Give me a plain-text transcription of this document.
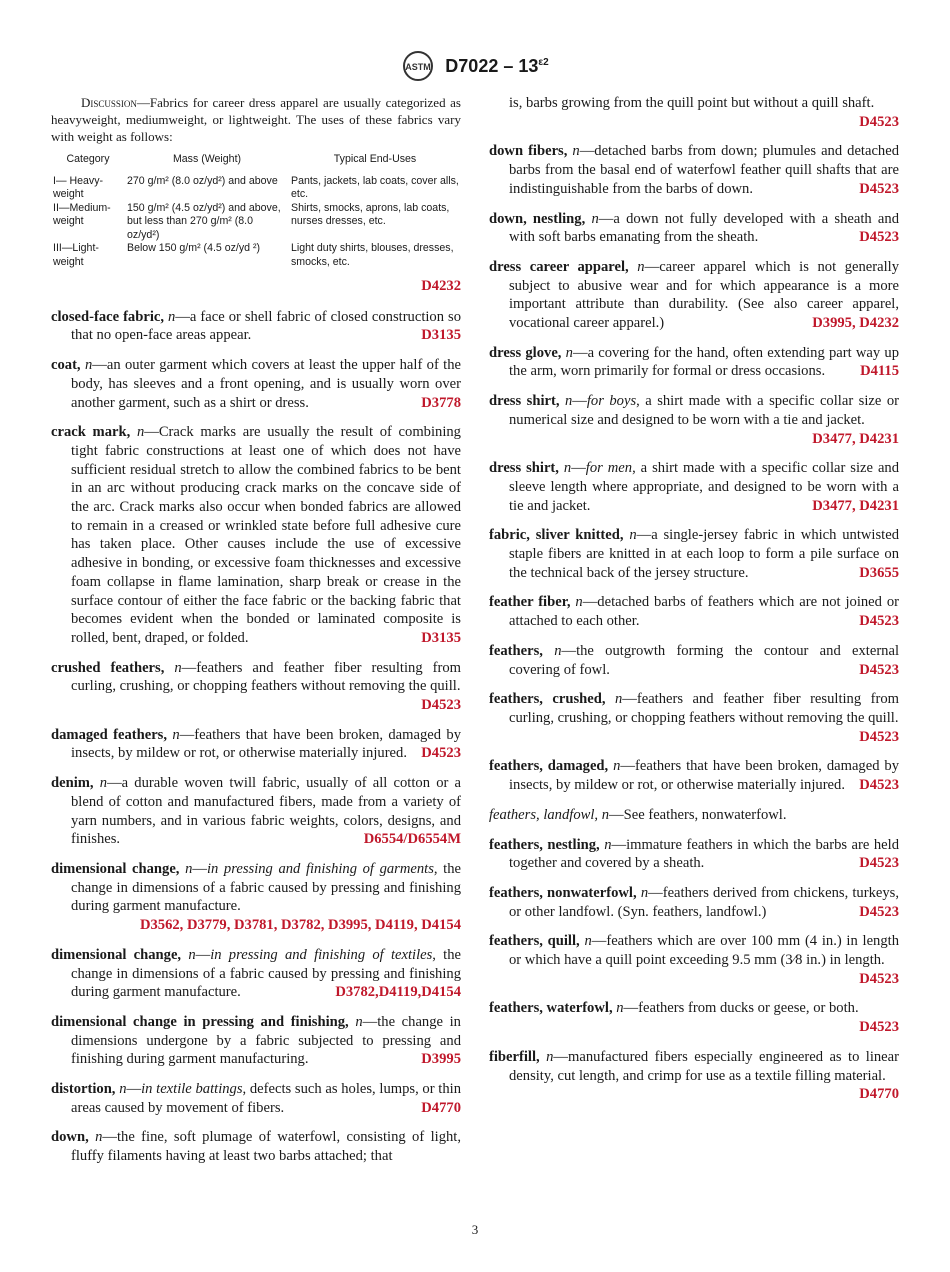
ASTM $D7022 - 13^{\varepsilon 2}$

Discussion—Fabrics for career dress apparel are usually categorized as heavyweight, mediumweight, or lightweight. The uses of these fabrics vary with weight as follows:

Category	Mass (Weight)	Typical End-Uses
I— Heavy-weight	270 g/m² (8.0 oz/yd²) and above	Pants, jackets, lab coats, cover alls, etc.
II—Medium-weight	150 g/m² (4.5 oz/yd²) and above, but less than 270 g/m² (8.0 oz/yd²)	Shirts, smocks, aprons, lab coats, nurses dresses, etc.
III—Light-weight	Below 150 g/m² (4.5 oz/yd ²)	Light duty shirts, blouses, dresses, smocks, etc.
D4232
closed-face fabric, n—a face or shell fabric of closed construction so that no open-face areas appear.	D3135
coat, n—an outer garment which covers at least the upper half of the body, has sleeves and a front opening, and is usually worn over another garment, such as a shirt or dress.	D3778
crack mark, n—Crack marks are usually the result of combining tight fabric constructions at least one of which does not have sufficient residual stretch to allow the combined fabrics to be bent in an arc without producing crack marks on the concave side of the arc. Crack marks also occur when bonded fabrics are allowed to remain in a creased or wrinkled state before full adhesive cure has taken place. Other causes include the use of excessive adhesive in bonding, or excessive foam thicknesses and excessive foam collapse in flame lamination, sharp break or crease in the surface contour of either the face fabric or the backing fabric that becomes evident when the bonded or laminated composite is rolled, bent, draped, or folded.	D3135
crushed feathers, n—feathers and feather fiber resulting from curling, crushing, or chopping feathers without removing the quill.
D4523
damaged feathers, n—feathers that have been broken, damaged by insects, by mildew or rot, or otherwise materially injured. D4523
denim, n—a durable woven twill fabric, usually of all cotton or a blend of cotton and manufactured fibers, made from a variety of yarn numbers, and in various fabric weights, colors, designs, and finishes.	D6554/D6554M
dimensional change, n—in pressing and finishing of garments, the change in dimensions of a fabric caused by pressing and finishing during garment manufacture.
D3562, D3779, D3781, D3782, D3995, D4119, D4154
dimensional change, n—in pressing and finishing of textiles, the change in dimensions of a fabric caused by pressing and finishing during garment manufacture.	D3782,D4119,D4154
dimensional change in pressing and finishing, n—the change in dimensions undergone by a fabric subjected to pressing and finishing during garment manufacturing.	D3995
distortion, n—in textile battings, defects such as holes, lumps, or thin areas caused by movement of fibers.	D4770
down, n—the fine, soft plumage of waterfowl, consisting of light, fluffy filaments having at least two barbs attached; that
is, barbs growing from the quill point but without a quill shaft.
D4523
down fibers, n—detached barbs from down; plumules and detached barbs from the basal end of waterfowl feather quill shafts that are indistinguishable from the barbs of down.	D4523
down, nestling, n—a down not fully developed with a sheath and with soft barbs emanating from the sheath.	D4523
dress career apparel, n—career apparel which is not generally subject to abusive wear and for which appearance is a more important attribute than durability. (See also career apparel, vocational career apparel.)	D3995, D4232
dress glove, n—a covering for the hand, often extending part way up the arm, worn primarily for formal or dress occasions. D4115
dress shirt, n—for boys, a shirt made with a specific collar size or numerical size and designed to be worn with a tie and jacket.
D3477, D4231
dress shirt, n—for men, a shirt made with a specific collar size and sleeve length where appropriate, and designed to be worn with a tie and jacket.	D3477, D4231
fabric, sliver knitted, n—a single-jersey fabric in which untwisted staple fibers are knitted in at each loop to form a pile surface on the technical back of the jersey structure.	D3655
feather fiber, n—detached barbs of feathers which are not joined or attached to each other.	D4523
feathers, n—the outgrowth forming the contour and external covering of fowl.	D4523
feathers, crushed, n—feathers and feather fiber resulting from curling, crushing, or chopping feathers without removing the quill.
D4523
feathers, damaged, n—feathers that have been broken, damaged by insects, by mildew or rot, or otherwise materially injured. D4523
feathers, landfowl, n—See feathers, nonwaterfowl.
feathers, nestling, n—immature feathers in which the barbs are held together and covered by a sheath.	D4523
feathers, nonwaterfowl, n—feathers derived from chickens, turkeys, or other landfowl. (Syn. feathers, landfowl.)	D4523
feathers, quill, n—feathers which are over 100 mm (4 in.) in length or which have a quill point exceeding 9.5 mm (3⁄8 in.) in length.
D4523
feathers, waterfowl, n—feathers from ducks or geese, or both.
D4523
fiberfill, n—manufactured fibers especially engineered as to linear density, cut length, and crimp for use as a textile filling material.
D4770
3
